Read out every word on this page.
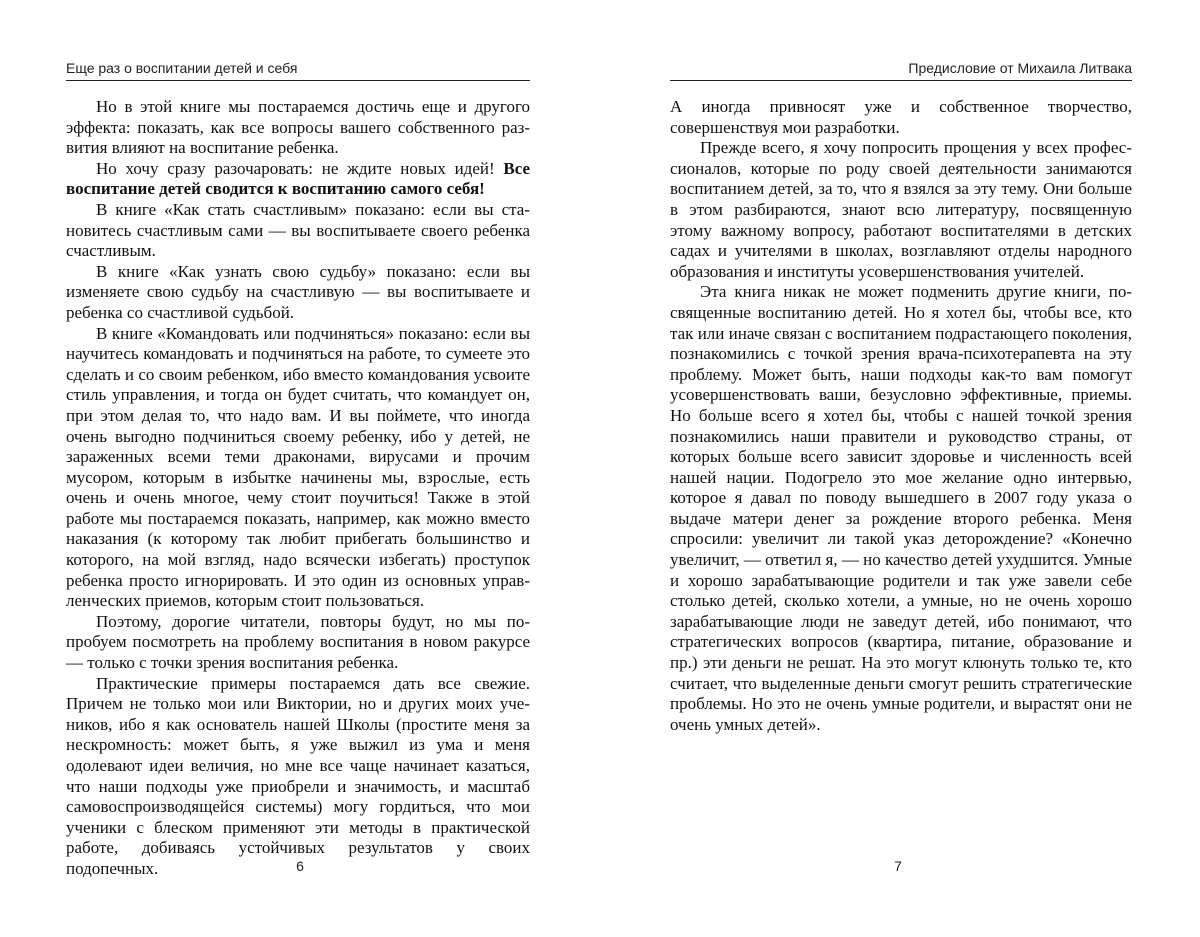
Еще раз о воспитании детей и себя

Но в этой книге мы постараемся достичь еще и другого эффекта: показать, как все вопросы вашего собственного развития влияют на воспитание ребенка.

Но хочу сразу разочаровать: не ждите новых идей! Все воспитание детей сводится к воспитанию самого себя!

В книге «Как стать счастливым» показано: если вы становитесь счастливым сами — вы воспитываете своего ребенка счастливым.

В книге «Как узнать свою судьбу» показано: если вы изменяете свою судьбу на счастливую — вы воспитываете и ребенка со счастливой судьбой.

В книге «Командовать или подчиняться» показано: если вы научитесь командовать и подчиняться на работе, то сумеете это сделать и со своим ребенком, ибо вместо командования усвоите стиль управления, и тогда он будет считать, что командует он, при этом делая то, что надо вам. И вы поймете, что иногда очень выгодно подчиниться своему ребенку, ибо у детей, не зараженных всеми теми драконами, вирусами и прочим мусором, которым в избытке начинены мы, взрослые, есть очень и очень многое, чему стоит поучиться! Также в этой работе мы постараемся показать, например, как можно вместо наказания (к которому так любит прибегать большинство и которого, на мой взгляд, надо всячески избегать) проступок ребенка просто игнорировать. И это один из основных управленческих приемов, которым стоит пользоваться.

Поэтому, дорогие читатели, повторы будут, но мы попробуем посмотреть на проблему воспитания в новом ракурсе — только с точки зрения воспитания ребенка.

Практические примеры постараемся дать все свежие. Причем не только мои или Виктории, но и других моих учеников, ибо я как основатель нашей Школы (простите меня за нескромность: может быть, я уже выжил из ума и меня одолевают идеи величия, но мне все чаще начинает казаться, что наши подходы уже приобрели и значимость, и масштаб самовоспроизводящейся системы) могу гордиться, что мои ученики с блеском применяют эти методы в практической работе, добиваясь устойчивых результатов у своих подопечных.	6
Предисловие от Михаила Литвака

А иногда привносят уже и собственное творчество, совершенствуя мои разработки.

Прежде всего, я хочу попросить прощения у всех профессионалов, которые по роду своей деятельности занимаются воспитанием детей, за то, что я взялся за эту тему. Они больше в этом разбираются, знают всю литературу, посвященную этому важному вопросу, работают воспитателями в детских садах и учителями в школах, возглавляют отделы народного образования и институты усовершенствования учителей.

Эта книга никак не может подменить другие книги, посвященные воспитанию детей. Но я хотел бы, чтобы все, кто так или иначе связан с воспитанием подрастающего поколения, познакомились с точкой зрения врача-психотерапевта на эту проблему. Может быть, наши подходы как-то вам помогут усовершенствовать ваши, безусловно эффективные, приемы. Но больше всего я хотел бы, чтобы с нашей точкой зрения познакомились наши правители и руководство страны, от которых больше всего зависит здоровье и численность всей нашей нации. Подогрело это мое желание одно интервью, которое я давал по поводу вышедшего в 2007 году указа о выдаче матери денег за рождение второго ребенка. Меня спросили: увеличит ли такой указ деторождение? «Конечно увеличит, — ответил я, — но качество детей ухудшится. Умные и хорошо зарабатывающие родители и так уже завели себе столько детей, сколько хотели, а умные, но не очень хорошо зарабатывающие люди не заведут детей, ибо понимают, что стратегических вопросов (квартира, питание, образование и пр.) эти деньги не решат. На это могут клюнуть только те, кто считает, что выделенные деньги смогут решить стратегические проблемы. Но это не очень умные родители, и вырастят они не очень умных детей».

7
